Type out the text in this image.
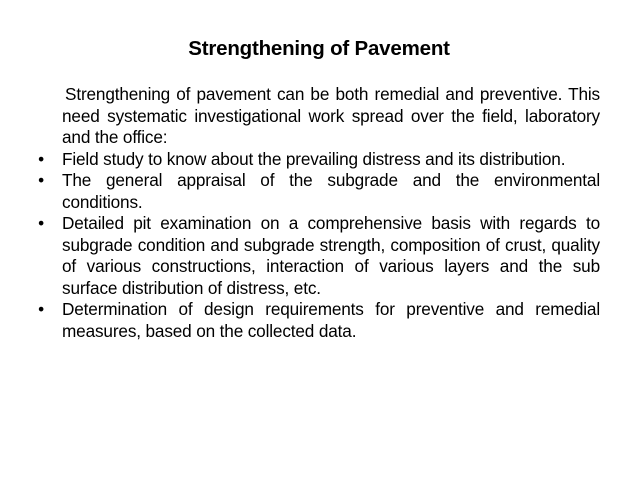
Strengthening of Pavement

Strengthening of pavement can be both remedial and preventive. This need systematic investigational work spread over the field, laboratory and the office:

• Field study to know about the prevailing distress and its distribution.
• The general appraisal of the subgrade and the environmental conditions.
• Detailed pit examination on a comprehensive basis with regards to subgrade condition and subgrade strength, composition of crust, quality of various constructions, interaction of various layers and the sub surface distribution of distress, etc.
• Determination of design requirements for preventive and remedial measures, based on the collected data.
